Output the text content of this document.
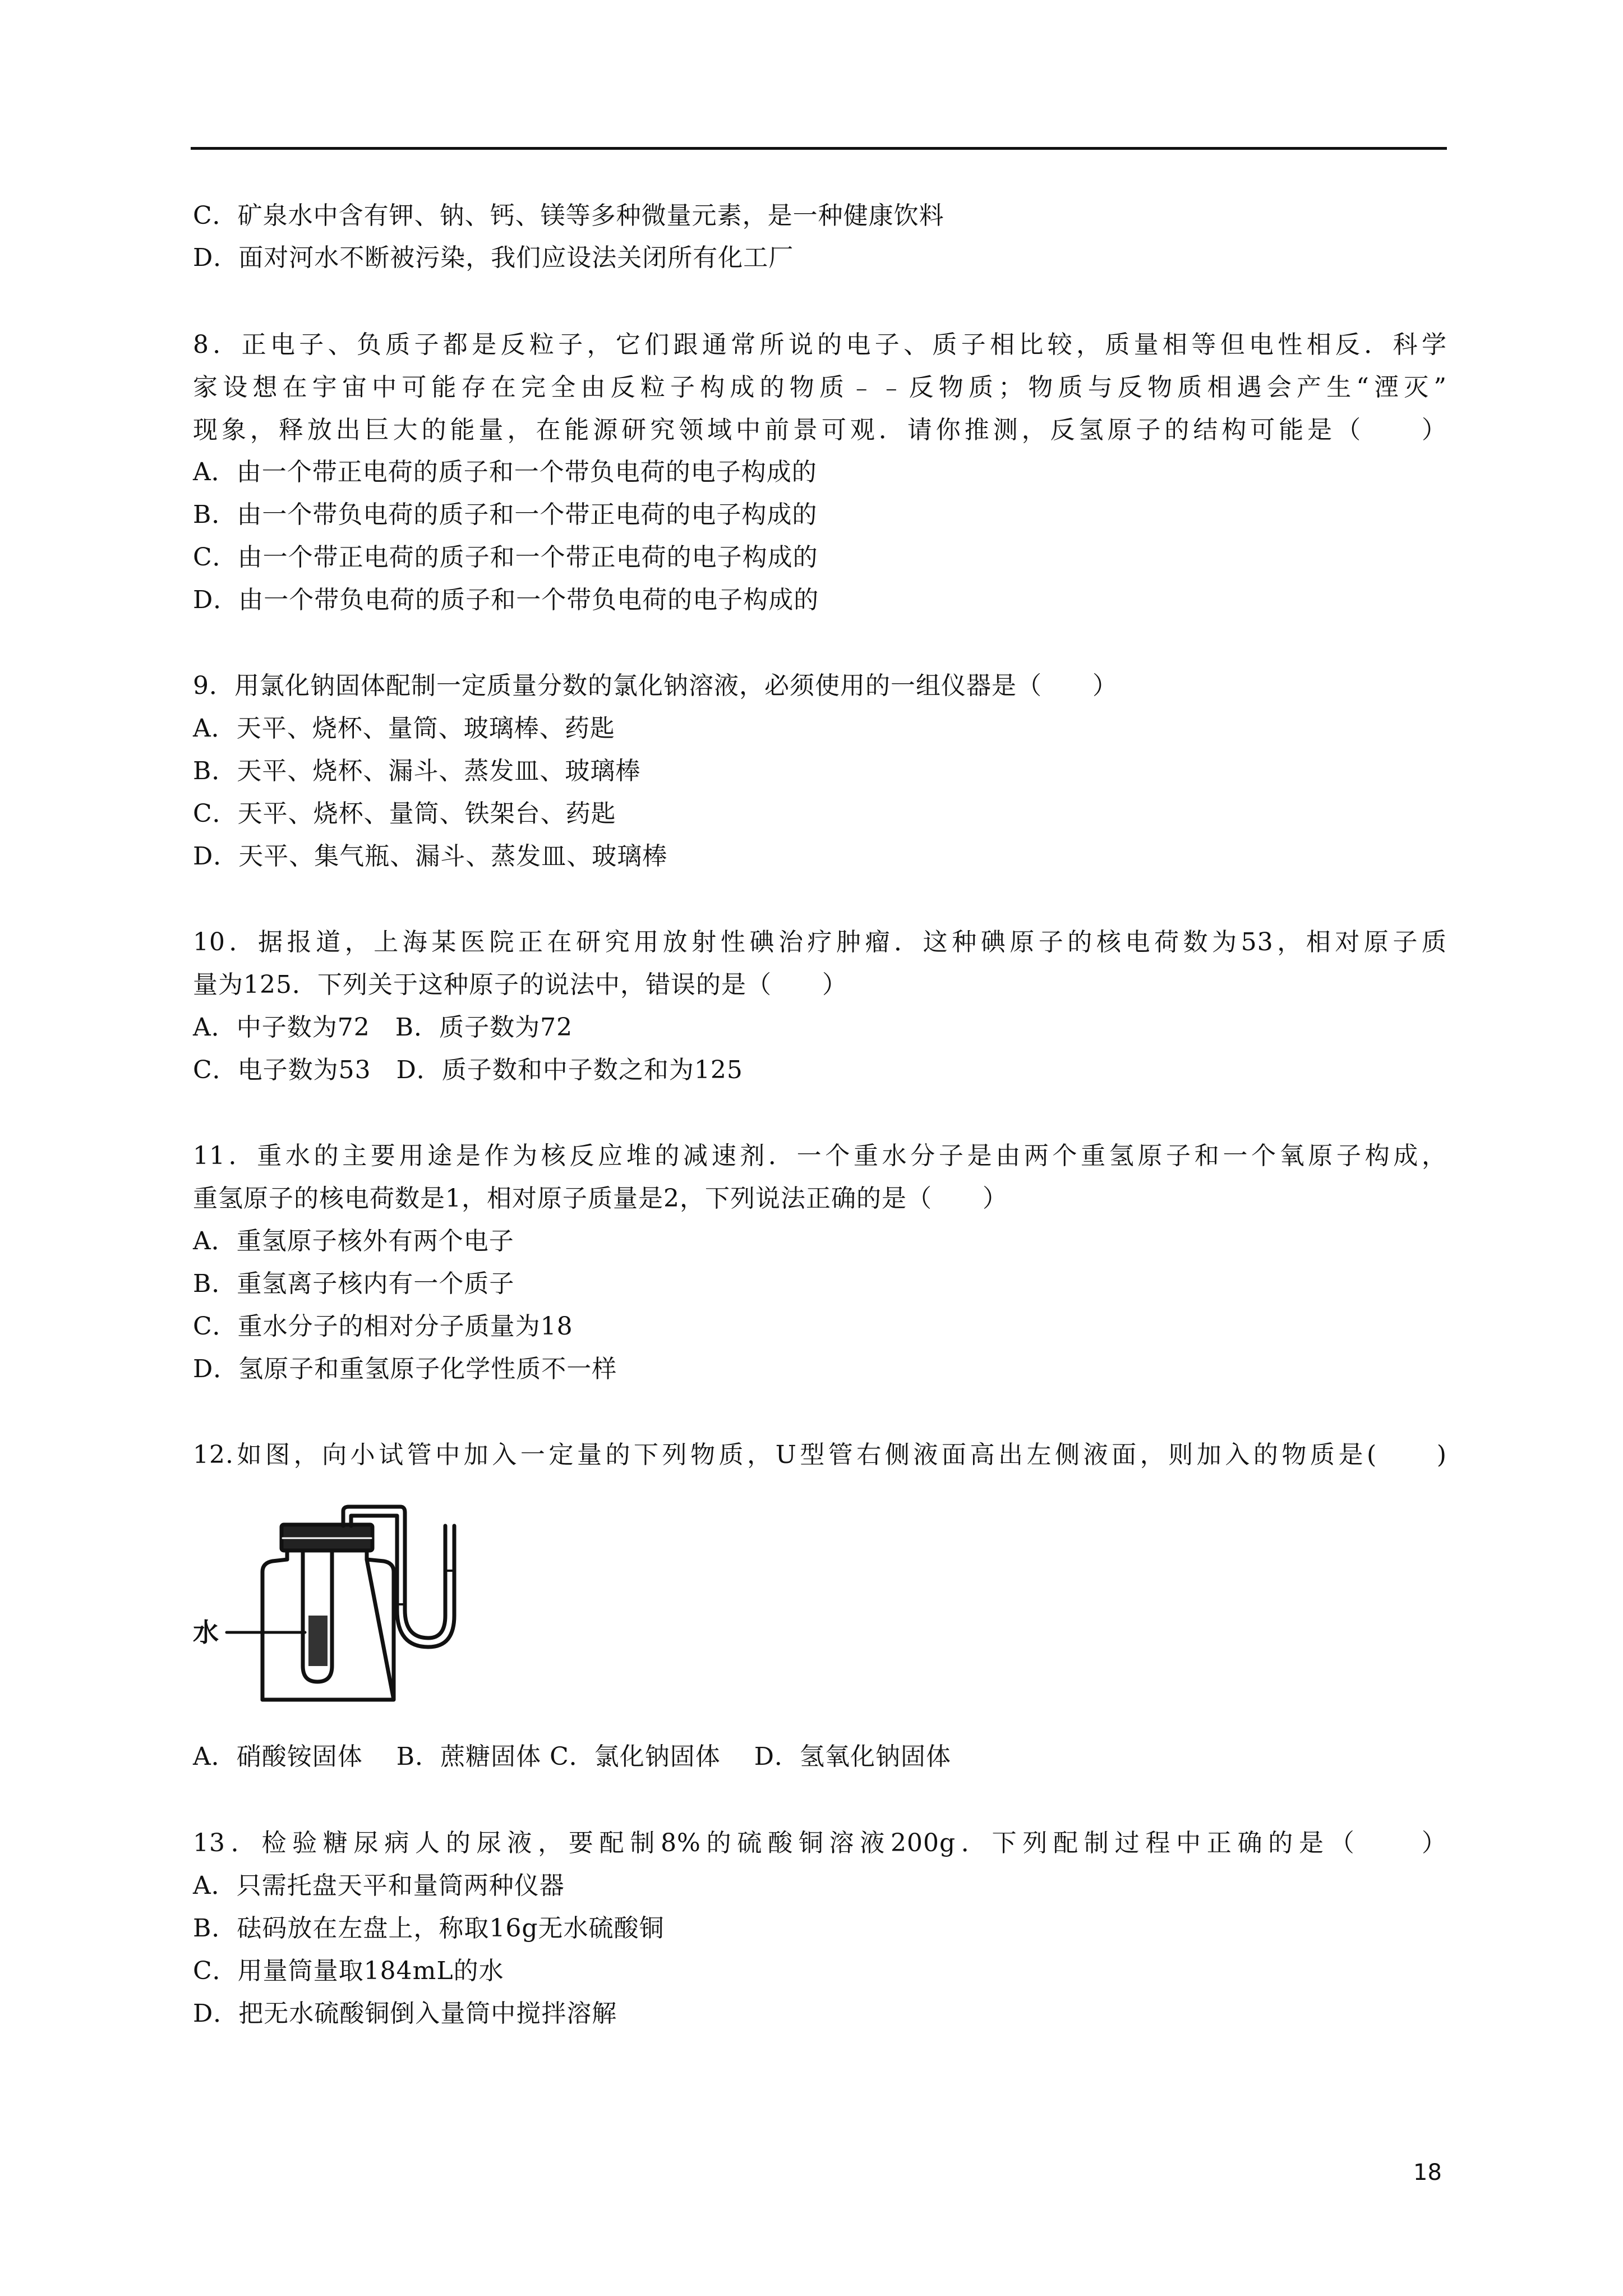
C．矿泉水中含有钾、钠、钙、镁等多种微量元素，是一种健康饮料
D．面对河水不断被污染，我们应设法关闭所有化工厂
8．正电子、负质子都是反粒子，它们跟通常所说的电子、质子相比较，质量相等但电性相反．科学
家设想在宇宙中可能存在完全由反粒子构成的物质﹣﹣反物质；物质与反物质相遇会产生“湮灭”
现象，释放出巨大的能量，在能源研究领域中前景可观．请你推测，反氢原子的结构可能是（　　）
A．由一个带正电荷的质子和一个带负电荷的电子构成的
B．由一个带负电荷的质子和一个带正电荷的电子构成的
C．由一个带正电荷的质子和一个带正电荷的电子构成的
D．由一个带负电荷的质子和一个带负电荷的电子构成的
9．用氯化钠固体配制一定质量分数的氯化钠溶液，必须使用的一组仪器是（　　）
A．天平、烧杯、量筒、玻璃棒、药匙
B．天平、烧杯、漏斗、蒸发皿、玻璃棒
C．天平、烧杯、量筒、铁架台、药匙
D．天平、集气瓶、漏斗、蒸发皿、玻璃棒
10．据报道，上海某医院正在研究用放射性碘治疗肿瘤．这种碘原子的核电荷数为53，相对原子质
量为125．下列关于这种原子的说法中，错误的是（　　）
A．中子数为72　B．质子数为72
C．电子数为53　D．质子数和中子数之和为125
11．重水的主要用途是作为核反应堆的减速剂．一个重水分子是由两个重氢原子和一个氧原子构成，
重氢原子的核电荷数是1，相对原子质量是2，下列说法正确的是（　　）
A．重氢原子核外有两个电子
B．重氢离子核内有一个质子
C．重水分子的相对分子质量为18
D．氢原子和重氢原子化学性质不一样
12.如图，向小试管中加入一定量的下列物质，U型管右侧液面高出左侧液面，则加入的物质是(　　)
水
A．硝酸铵固体　 B．蔗糖固体 C．氯化钠固体　 D．氢氧化钠固体
13．检验糖尿病人的尿液，要配制8%的硫酸铜溶液200g．下列配制过程中正确的是（　　）
A．只需托盘天平和量筒两种仪器
B．砝码放在左盘上，称取16g无水硫酸铜
C．用量筒量取184mL的水
D．把无水硫酸铜倒入量筒中搅拌溶解
18
